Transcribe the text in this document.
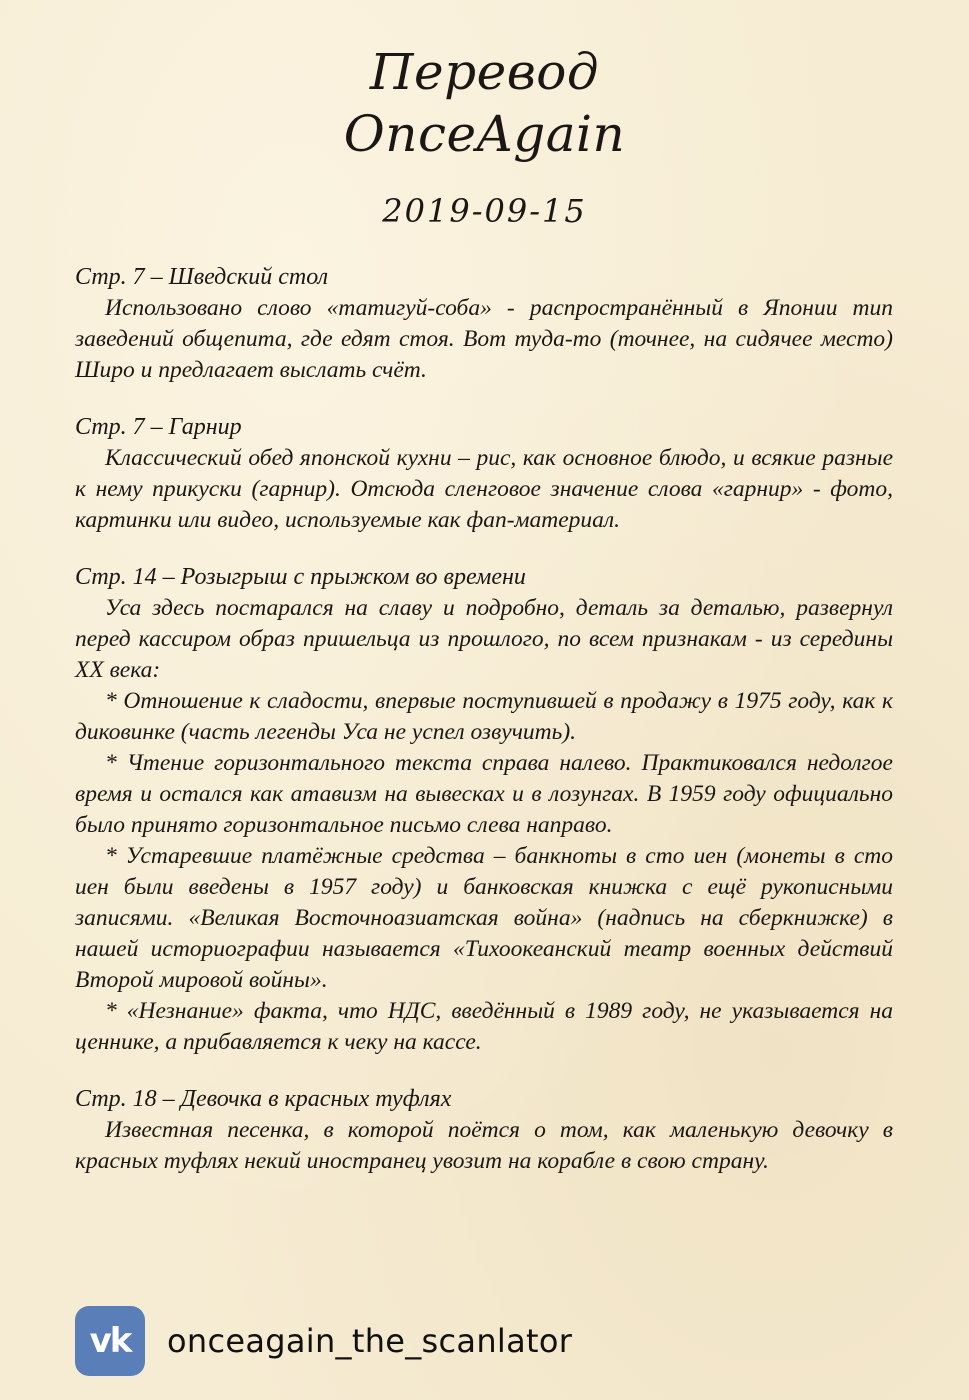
Перевод
OnceAgain
2019-09-15

Стр. 7 – Шведский стол

Использовано слово «татигуй-соба» - распространённый в Японии тип заведений общепита, где едят стоя. Вот туда-то (точнее, на сидячее место) Широ и предлагает выслать счёт.

Стр. 7 – Гарнир

Классический обед японской кухни – рис, как основное блюдо, и всякие разные к нему прикуски (гарнир). Отсюда сленговое значение слова «гарнир» - фото, картинки или видео, используемые как фап-материал.

Стр. 14 – Розыгрыш с прыжком во времени

Уса здесь постарался на славу и подробно, деталь за деталью, развернул перед кассиром образ пришельца из прошлого, по всем признакам - из середины XX века:

* Отношение к сладости, впервые поступившей в продажу в 1975 году, как к диковинке (часть легенды Уса не успел озвучить).

* Чтение горизонтального текста справа налево. Практиковался недолгое время и остался как атавизм на вывесках и в лозунгах. В 1959 году официально было принято горизонтальное письмо слева направо.

* Устаревшие платёжные средства – банкноты в сто иен (монеты в сто иен были введены в 1957 году) и банковская книжка с ещё рукописными записями. «Великая Восточноазиатская война» (надпись на сберкнижке) в нашей историографии называется «Тихоокеанский театр военных действий Второй мировой войны».

* «Незнание» факта, что НДС, введённый в 1989 году, не указывается на ценнике, а прибавляется к чеку на кассе.

Стр. 18 – Девочка в красных туфлях

Известная песенка, в которой поётся о том, как маленькую девочку в красных туфлях некий иностранец увозит на корабле в свою страну.

vk	onceagain_the_scanlator
